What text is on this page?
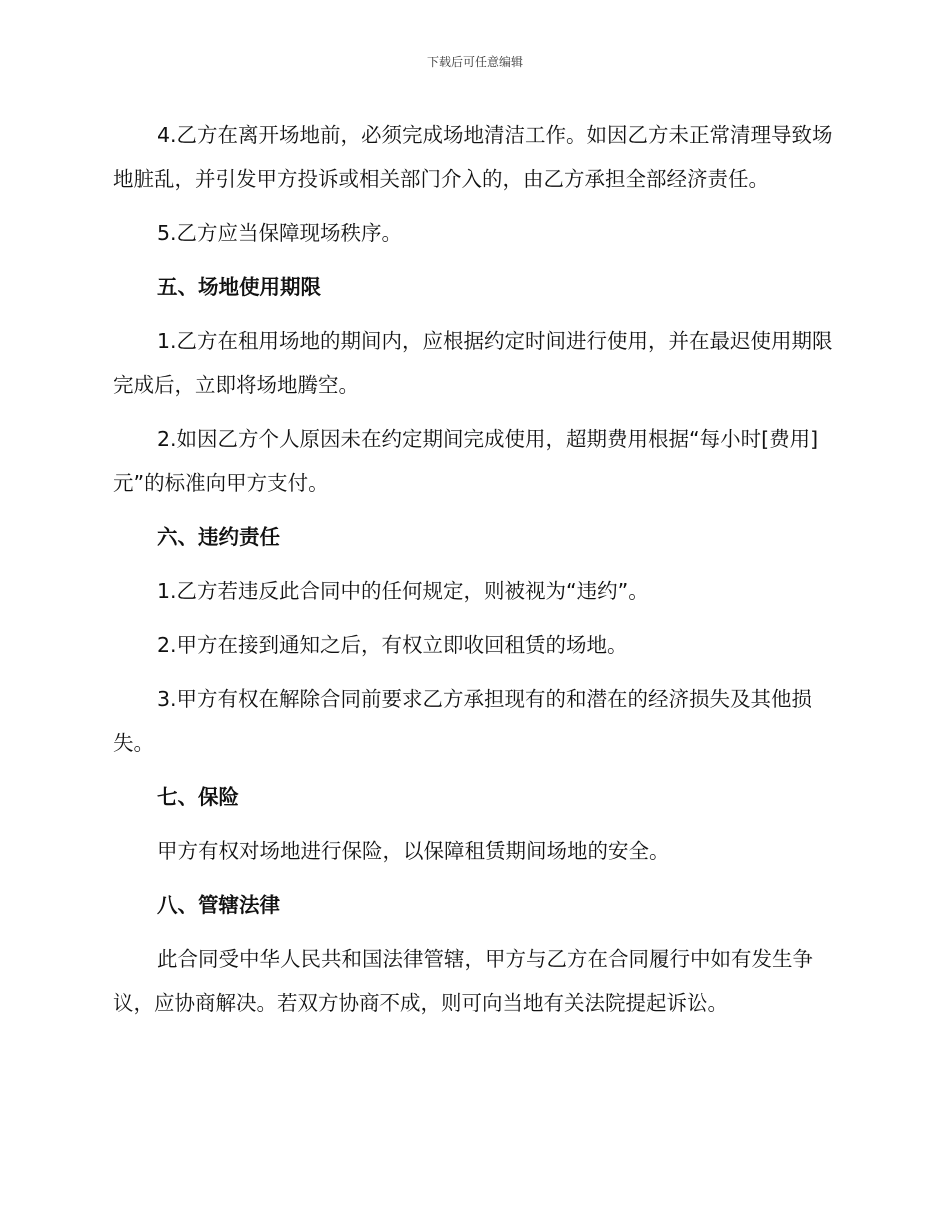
下载后可任意编辑

4.乙方在离开场地前，必须完成场地清洁工作。如因乙方未正常清理导致场地脏乱，并引发甲方投诉或相关部门介入的，由乙方承担全部经济责任。

5.乙方应当保障现场秩序。

五、场地使用期限

1.乙方在租用场地的期间内，应根据约定时间进行使用，并在最迟使用期限完成后，立即将场地腾空。

2.如因乙方个人原因未在约定期间完成使用，超期费用根据“每小时[费用]元”的标准向甲方支付。

六、违约责任

1.乙方若违反此合同中的任何规定，则被视为“违约”。

2.甲方在接到通知之后，有权立即收回租赁的场地。

3.甲方有权在解除合同前要求乙方承担现有的和潜在的经济损失及其他损失。

七、保险

甲方有权对场地进行保险，以保障租赁期间场地的安全。

八、管辖法律

此合同受中华人民共和国法律管辖，甲方与乙方在合同履行中如有发生争议，应协商解决。若双方协商不成，则可向当地有关法院提起诉讼。
